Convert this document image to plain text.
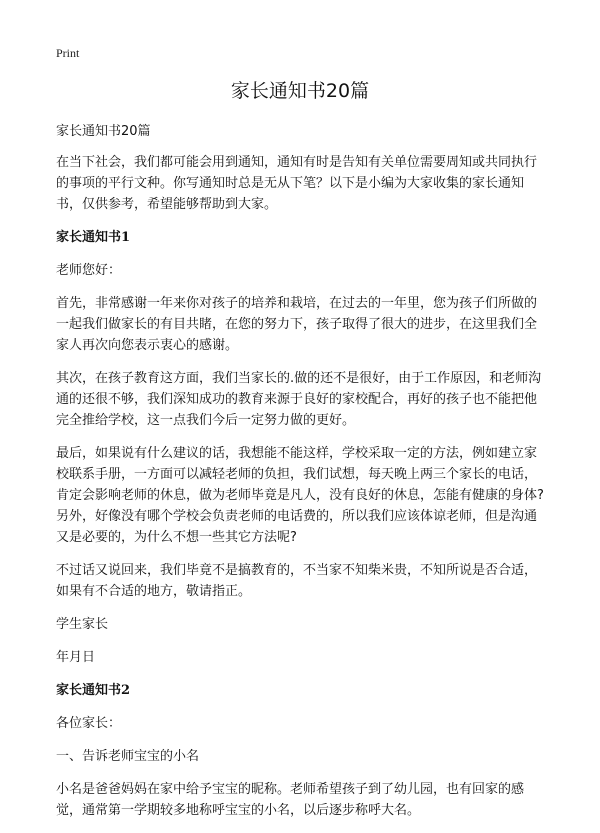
Print
家长通知书20篇

家长通知书20篇

在当下社会，我们都可能会用到通知，通知有时是告知有关单位需要周知或共同执行的事项的平行文种。你写通知时总是无从下笔？以下是小编为大家收集的家长通知书，仅供参考，希望能够帮助到大家。

家长通知书1

老师您好：

首先，非常感谢一年来你对孩子的培养和栽培，在过去的一年里，您为孩子们所做的一起我们做家长的有目共睹，在您的努力下，孩子取得了很大的进步，在这里我们全家人再次向您表示衷心的感谢。

其次，在孩子教育这方面，我们当家长的.做的还不是很好，由于工作原因，和老师沟通的还很不够，我们深知成功的教育来源于良好的家校配合，再好的孩子也不能把他完全推给学校，这一点我们今后一定努力做的更好。

最后，如果说有什么建议的话，我想能不能这样，学校采取一定的方法，例如建立家校联系手册，一方面可以减轻老师的负担，我们试想，每天晚上两三个家长的电话，肯定会影响老师的休息，做为老师毕竟是凡人，没有良好的休息，怎能有健康的身体?另外，好像没有哪个学校会负责老师的电话费的，所以我们应该体谅老师，但是沟通又是必要的，为什么不想一些其它方法呢?

不过话又说回来，我们毕竟不是搞教育的，不当家不知柴米贵，不知所说是否合适，如果有不合适的地方，敬请指正。

学生家长

年月日

家长通知书2

各位家长：

一、告诉老师宝宝的小名

小名是爸爸妈妈在家中给予宝宝的昵称。老师希望孩子到了幼儿园，也有回家的感觉，通常第一学期较多地称呼宝宝的小名，以后逐步称呼大名。
